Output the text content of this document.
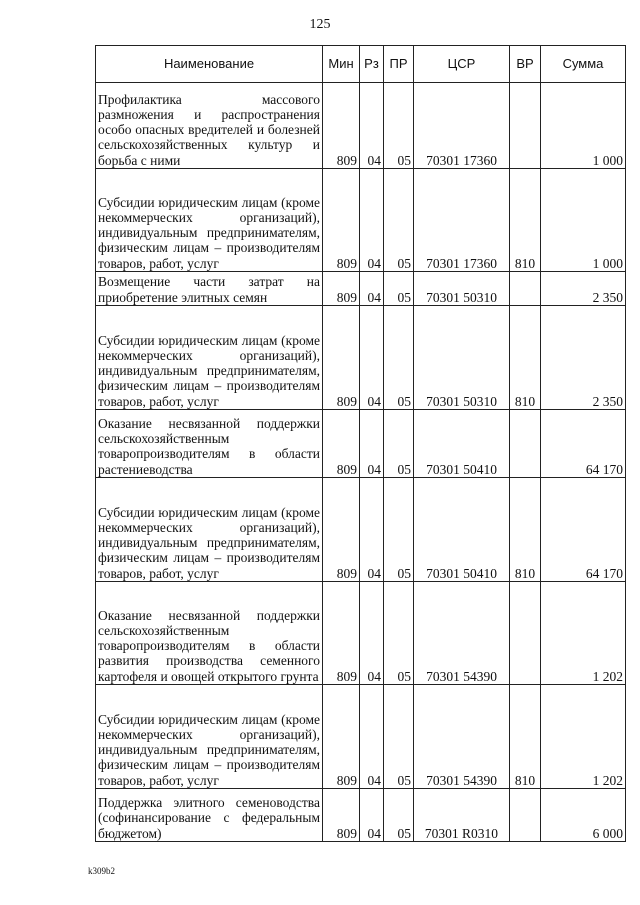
125
Наименование	Мин	Рз	ПР	ЦСР	ВР	Сумма
Профилактика массового размножения и распространения особо опасных вредителей и болезней сельскохозяйственных культур и борьба с ними	809	04	05	70301 17360		1 000
Субсидии юридическим лицам (кроме некоммерческих организаций), индивидуальным предпринимателям, физическим лицам – производителям товаров, работ, услуг	809	04	05	70301 17360	810	1 000
Возмещение части затрат на приобретение элитных семян	809	04	05	70301 50310		2 350
Субсидии юридическим лицам (кроме некоммерческих организаций), индивидуальным предпринимателям, физическим лицам – производителям товаров, работ, услуг	809	04	05	70301 50310	810	2 350
Оказание несвязанной поддержки сельскохозяйственным товаропроизводителям в области растениеводства	809	04	05	70301 50410		64 170
Субсидии юридическим лицам (кроме некоммерческих организаций), индивидуальным предпринимателям, физическим лицам – производителям товаров, работ, услуг	809	04	05	70301 50410	810	64 170
Оказание несвязанной поддержки сельскохозяйственным товаропроизводителям в области развития производства семенного картофеля и овощей открытого грунта	809	04	05	70301 54390		1 202
Субсидии юридическим лицам (кроме некоммерческих организаций), индивидуальным предпринимателям, физическим лицам – производителям товаров, работ, услуг	809	04	05	70301 54390	810	1 202
Поддержка элитного семеноводства (софинансирование с федеральным бюджетом)	809	04	05	70301 R0310		6 000
k309b2
